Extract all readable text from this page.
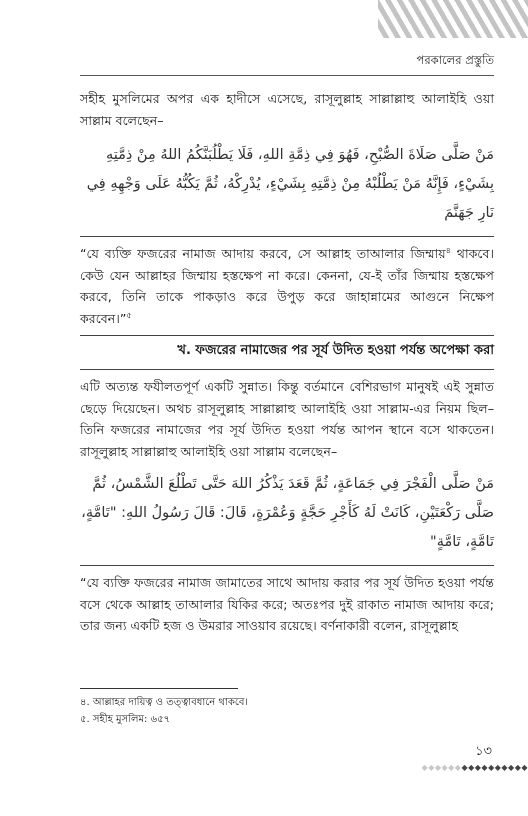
পরকালের প্রস্তুতি

সহীহ মুসলিমের অপর এক হাদীসে এসেছে, রাসূলুল্লাহ সাল্লাল্লাহু আলাইহি ওয়া সাল্লাম বলেছেন–

مَنْ صَلَّى صَلَاةَ الصُّبْحِ، فَهُوَ فِي ذِمَّةِ اللهِ، فَلَا يَطْلُبَنَّكُمُ اللهُ مِنْ ذِمَّتِهِ بِشَيْءٍ، فَإِنَّهُ مَنْ يَطْلُبْهُ مِنْ ذِمَّتِهِ بِشَيْءٍ، يُدْرِكْهُ، ثُمَّ يَكُبُّهُ عَلَى وَجْهِهِ فِي نَارِ جَهَنَّمَ

“যে ব্যক্তি ফজরের নামাজ আদায় করবে, সে আল্লাহ তাআলার জিম্মায়$^৪$ থাকবে। কেউ যেন আল্লাহর জিম্মায় হস্তক্ষেপ না করে। কেননা, যে-ই তাঁর জিম্মায় হস্তক্ষেপ করবে, তিনি তাকে পাকড়াও করে উপুড় করে জাহান্নামের আগুনে নিক্ষেপ করবেন।”$^৫$

খ. ফজরের নামাজের পর সূর্য উদিত হওয়া পর্যন্ত অপেক্ষা করা

এটি অত্যন্ত ফযীলতপূর্ণ একটি সুন্নাত। কিন্তু বর্তমানে বেশিরভাগ মানুষই এই সুন্নাত ছেড়ে দিয়েছেন। অথচ রাসূলুল্লাহ সাল্লাল্লাহু আলাইহি ওয়া সাল্লাম-এর নিয়ম ছিল– তিনি ফজরের নামাজের পর সূর্য উদিত হওয়া পর্যন্ত আপন স্থানে বসে থাকতেন। রাসূলুল্লাহ সাল্লাল্লাহু আলাইহি ওয়া সাল্লাম বলেছেন–

مَنْ صَلَّى الْفَجْرَ فِي جَمَاعَةٍ، ثُمَّ قَعَدَ يَذْكُرُ اللهَ حَتَّى تَطْلُعَ الشَّمْسُ، ثُمَّ صَلَّى رَكْعَتَيْنِ، كَانَتْ لَهُ كَأَجْرِ حَجَّةٍ وَعُمْرَةٍ، قَالَ: قَالَ رَسُولُ اللهِ: "تَامَّةٍ، تَامَّةٍ، تَامَّةٍ"

“যে ব্যক্তি ফজরের নামাজ জামাতের সাথে আদায় করার পর সূর্য উদিত হওয়া পর্যন্ত বসে থেকে আল্লাহ তাআলার যিকির করে; অতঃপর দুই রাকাত নামাজ আদায় করে; তার জন্য একটি হজ ও উমরার সাওয়াব রয়েছে। বর্ণনাকারী বলেন, রাসূলুল্লাহ

৪. আল্লাহর দায়িত্ব ও তত্ত্বাবধানে থাকবে।
৫. সহীহ মুসলিম: ৬৫৭
১৩
◆◆◆◆◆◆◆◆◆◆◆◆◆◆◆◆
